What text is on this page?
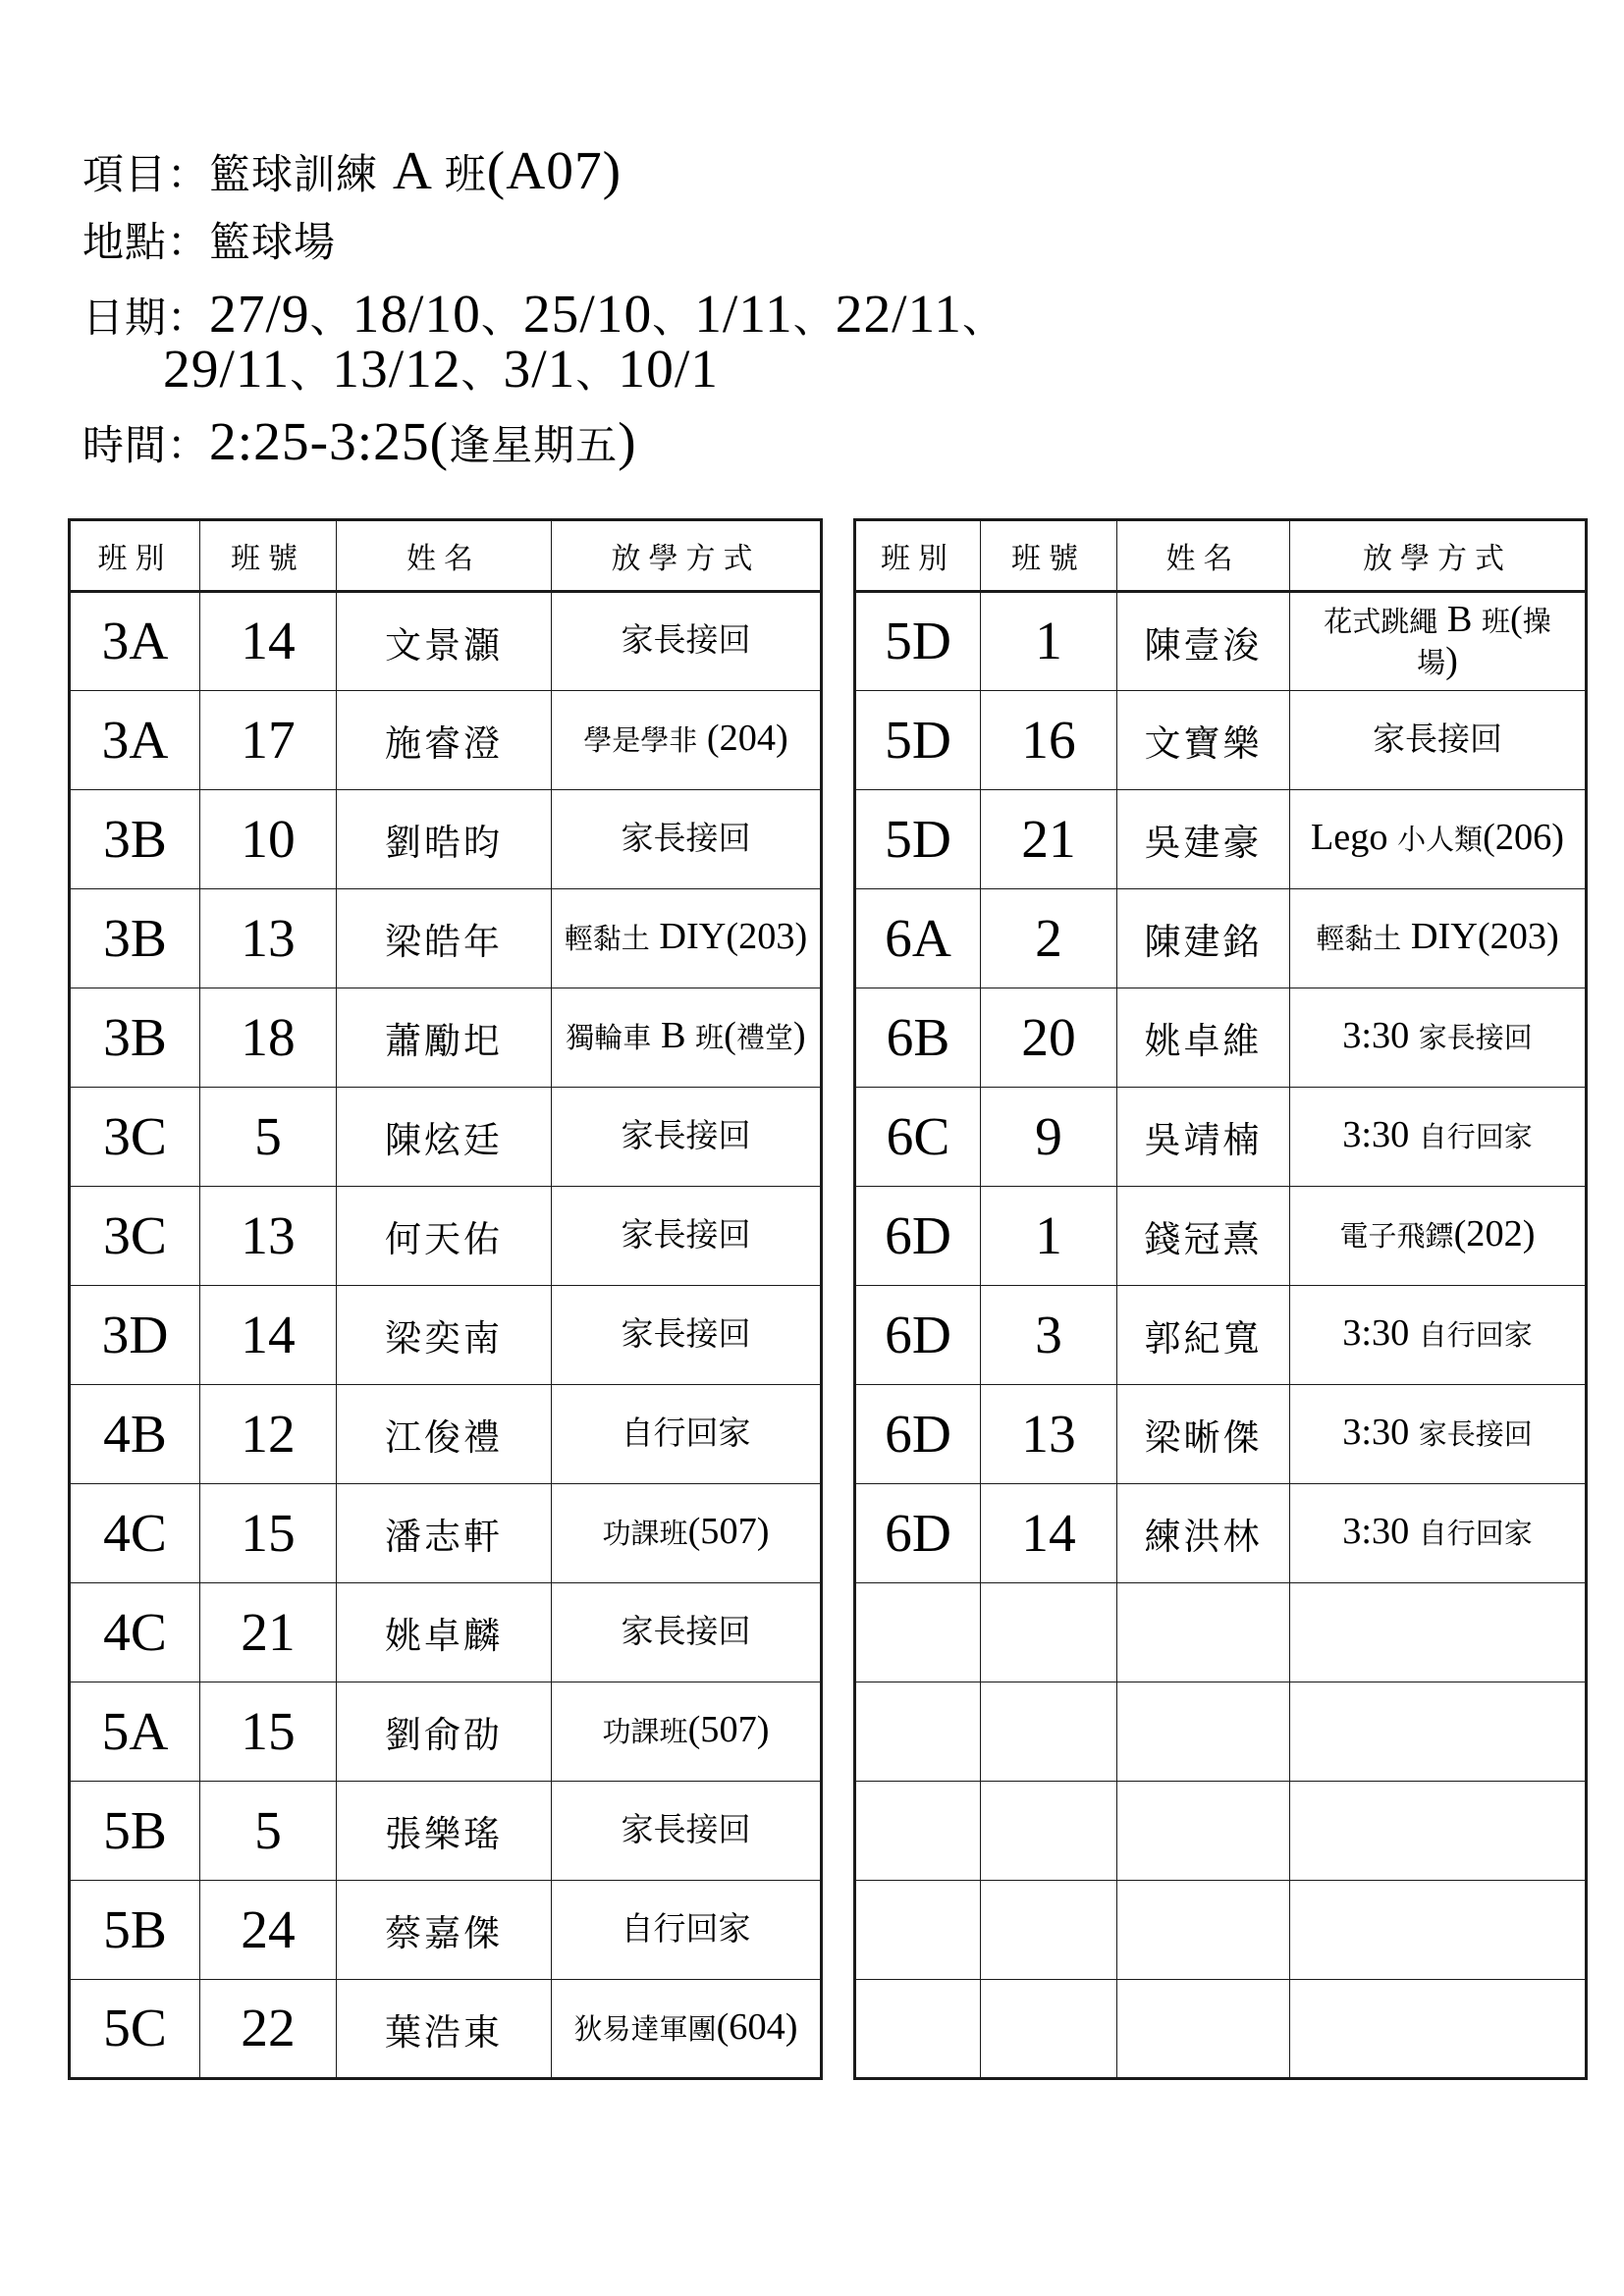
項目：籃球訓練 A 班(A07)
地點：籃球場
日期：27/9、18/10、25/10、1/11、22/11、
29/11、13/12、3/1、10/1
時間：2:25-3:25(逢星期五)
班別	班號	姓名	放學方式
3A	14	文景灝	家長接回
3A	17	施睿澄	學是學非 (204)
3B	10	劉晧昀	家長接回
3B	13	梁皓年	輕黏土 DIY(203)
3B	18	蕭勵圯	獨輪車 B 班(禮堂)
3C	5	陳炫廷	家長接回
3C	13	何天佑	家長接回
3D	14	梁奕南	家長接回
4B	12	江俊禮	自行回家
4C	15	潘志軒	功課班(507)
4C	21	姚卓麟	家長接回
5A	15	劉俞劭	功課班(507)
5B	5	張樂瑤	家長接回
5B	24	蔡嘉傑	自行回家
5C	22	葉浩東	狄易達軍團(604)
班別	班號	姓名	放學方式
5D	1	陳壹浚	花式跳繩 B 班(操
場)
5D	16	文寶樂	家長接回
5D	21	吳建豪	Lego 小人類(206)
6A	2	陳建銘	輕黏土 DIY(203)
6B	20	姚卓維	3:30 家長接回
6C	9	吳靖楠	3:30 自行回家
6D	1	錢冠熹	電子飛鏢(202)
6D	3	郭紀寬	3:30 自行回家
6D	13	梁晰傑	3:30 家長接回
6D	14	練洪林	3:30 自行回家
